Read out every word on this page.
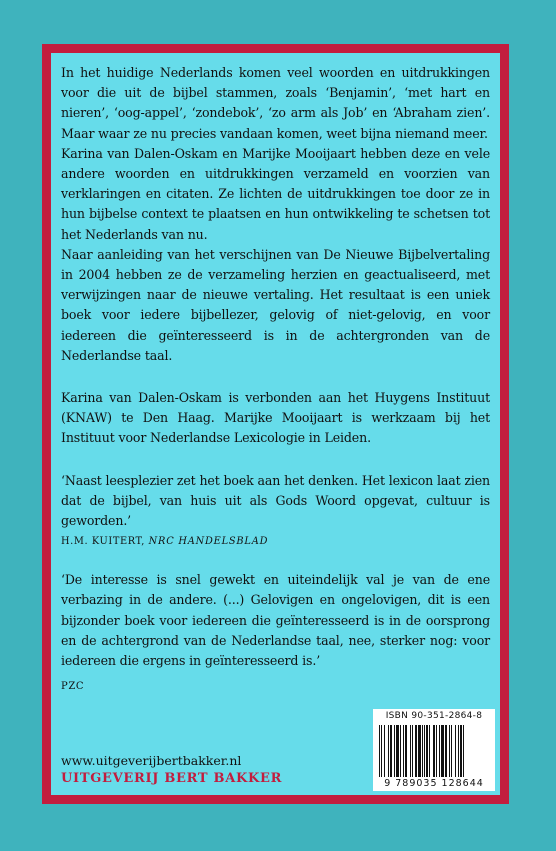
In het huidige Nederlands komen veel woorden en uitdrukkingen voor die uit de bijbel stammen, zoals ‘Benjamin’, ‘met hart en nieren’, ‘oog-appel’, ‘zondebok’, ‘zo arm als Job’ en ‘Abraham zien’. Maar waar ze nu precies vandaan komen, weet bijna niemand meer.

Karina van Dalen-Oskam en Marijke Mooijaart hebben deze en vele andere woorden en uitdrukkingen verzameld en voorzien van verklaringen en citaten. Ze lichten de uitdrukkingen toe door ze in hun bijbelse context te plaatsen en hun ontwikkeling te schetsen tot het Nederlands van nu.

Naar aanleiding van het verschijnen van De Nieuwe Bijbelvertaling in 2004 hebben ze de verzameling herzien en geactualiseerd, met verwijzingen naar de nieuwe vertaling. Het resultaat is een uniek boek voor iedere bijbellezer, gelovig of niet-gelovig, en voor iedereen die geïnteresseerd is in de achtergronden van de Nederlandse taal.

Karina van Dalen-Oskam is verbonden aan het Huygens Instituut (KNAW) te Den Haag. Marijke Mooijaart is werkzaam bij het Instituut voor Nederlandse Lexicologie in Leiden.

‘Naast leesplezier zet het boek aan het denken. Het lexicon laat zien dat de bijbel, van huis uit als Gods Woord opgevat, cultuur is geworden.’

H.M. KUITERT, NRC HANDELSBLAD

‘De interesse is snel gewekt en uiteindelijk val je van de ene verbazing in de andere. (...) Gelovigen en ongelovigen, dit is een bijzonder boek voor iedereen die geïnteresseerd is in de oorsprong en de achtergrond van de Nederlandse taal, nee, sterker nog: voor iedereen die ergens in geïnteresseerd is.’

PZC

www.uitgeverijbertbakker.nl

UITGEVERIJ BERT BAKKER

ISBN 90-351-2864-8
9 789035 128644
